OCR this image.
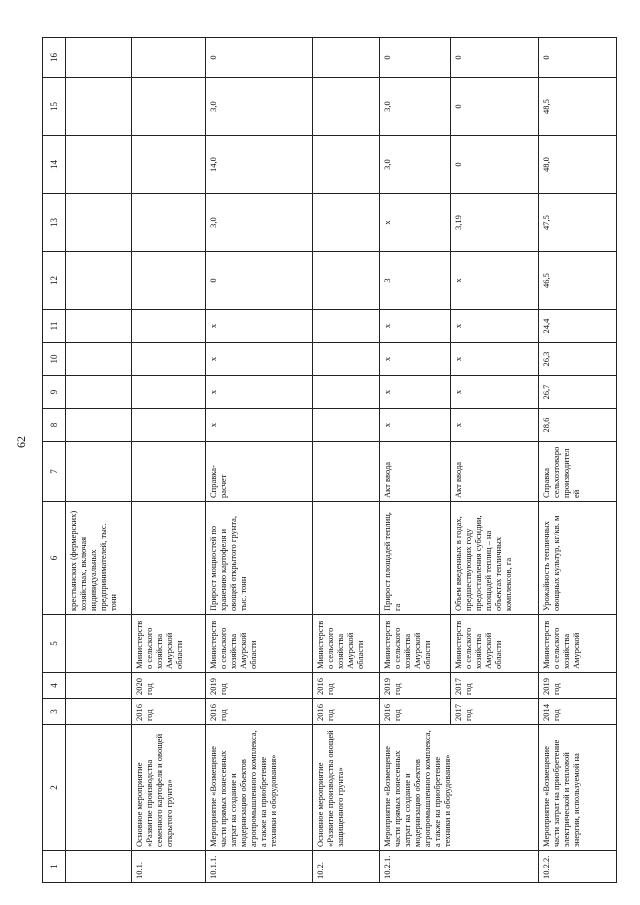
62
1	2	3	4	5	6	7	8	9	10	11	12	13	14	15	16
					крестьянских (фермерских) хозяйствах, включая индивидуальных предпринимателей, тыс. тонн										
10.1.	Основное мероприятие «Развитие производства семенного картофеля и овощей открытого грунта»	2016 год	2020 год	Министерство сельского хозяйства Амурской области											
10.1.1.	Мероприятие «Возмещение части прямых понесенных затрат на создание и модернизацию объектов агропромышленного комплекса, а также на приобретение техники и оборудования»	2016 год	2019 год	Министерство сельского хозяйства Амурской области	Прирост мощностей по хранению картофеля и овощей открытого грунта, тыс. тонн	Справка-расчет	x	x	x	x	0	3,0	14,0	3,0	0
10.2.	Основное мероприятие «Развитие производства овощей защищенного грунта»	2016 год	2016 год	Министерство сельского хозяйства Амурской области											
10.2.1.	Мероприятие «Возмещение части прямых понесенных затрат на создание и модернизацию объектов агропромышленного комплекса, а также на приобретение техники и оборудования»	2016 год	2019 год	Министерство сельского хозяйства Амурской области	Прирост площадей теплиц, га	Акт ввода	x	x	x	x	3	x	3,0	3,0	0
		2017 год	2017 год	Министерство сельского хозяйства Амурской области	Объем введенных в годах, предшествующих году предоставления субсидии, площадей теплиц – на объектах тепличных комплексов, га	Акт ввода	x	x	x	x	x	3,19	0	0	0
10.2.2.	Мероприятие «Возмещение части затрат на приобретение электрической и тепловой энергии, используемой на	2014 год	2019 год	Министерство сельского хозяйства Амурской	Урожайность тепличных овощных культур, кг/кв. м	Справка сельхозтоваропроизводителей	28,6	26,7	26,3	24,4	46,5	47,5	48,0	48,5	0
